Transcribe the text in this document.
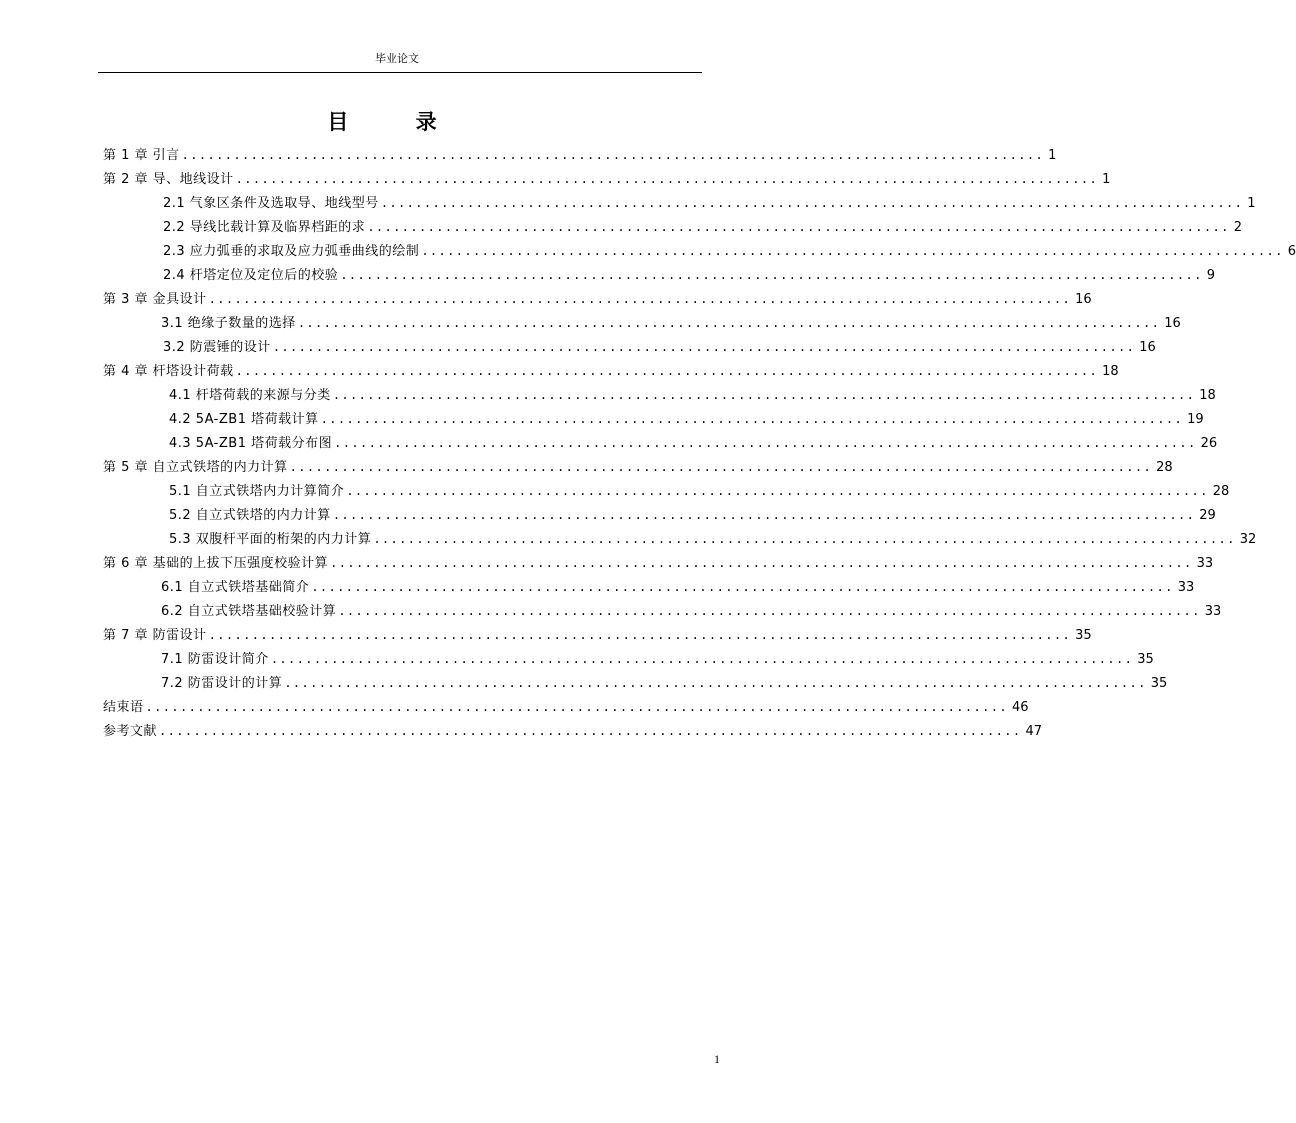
毕业论文
目 录
第 1 章 引言 .................................................................................................... 1
第 2 章 导、地线设计 .................................................................................................... 1
2.1 气象区条件及选取导、地线型号 .................................................................................................... 1
2.2 导线比载计算及临界档距的求 .................................................................................................... 2
2.3 应力弧垂的求取及应力弧垂曲线的绘制 .................................................................................................... 6
2.4 杆塔定位及定位后的校验 .................................................................................................... 9
第 3 章 金具设计 .................................................................................................... 16
3.1 绝缘子数量的选择 .................................................................................................... 16
3.2 防震锤的设计 .................................................................................................... 16
第 4 章 杆塔设计荷载 .................................................................................................... 18
4.1 杆塔荷载的来源与分类 .................................................................................................... 18
4.2 5A-ZB1 塔荷载计算 .................................................................................................... 19
4.3 5A-ZB1 塔荷载分布图 .................................................................................................... 26
第 5 章 自立式铁塔的内力计算 .................................................................................................... 28
5.1 自立式铁塔内力计算简介 .................................................................................................... 28
5.2 自立式铁塔的内力计算 .................................................................................................... 29
5.3 双腹杆平面的桁架的内力计算 .................................................................................................... 32
第 6 章 基础的上拔下压强度校验计算 .................................................................................................... 33
6.1 自立式铁塔基础简介 .................................................................................................... 33
6.2 自立式铁塔基础校验计算 .................................................................................................... 33
第 7 章 防雷设计 .................................................................................................... 35
7.1 防雷设计简介 .................................................................................................... 35
7.2 防雷设计的计算 .................................................................................................... 35
结束语 .................................................................................................... 46
参考文献 .................................................................................................... 47
1
